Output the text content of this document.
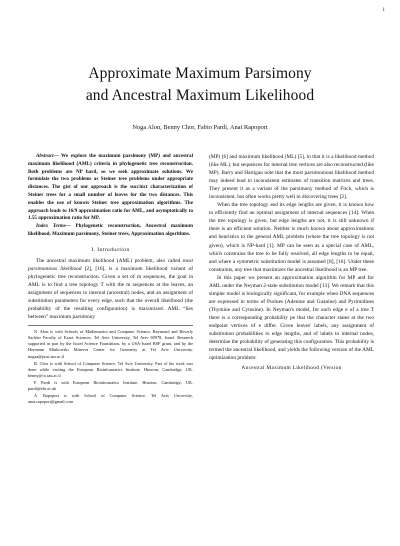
1
Approximate Maximum Parsimony
and Ancestral Maximum Likelihood
Noga Alon, Benny Chor, Fabio Pardi, Anat Rapoport

Abstract— We explore the maximum parsimony (MP) and ancestral maximum likelihood (AML) criteria in phylogenetic tree reconstruction. Both problems are NP hard, so we seek approximate solutions. We formulate the two problems as Steiner tree problems under appropriate distances. The gist of our approach is the succinct characterization of Steiner trees for a small number of leaves for the two distances. This enables the use of known Steiner tree approximation algorithms. The approach leads to 16/9 approximation ratio for AML, and asymptotically to 1.55 approximation ratio for MP.

Index Terms— Phylogenetic reconstruction, Ancestral maximum likelihood, Maximum parsimony, Steiner trees, Approximation algorithms.

I. Introduction

The ancestral maximum likelihood (AML) problem, also called most parsimonious likelihood [2], [16], is a maximum likelihood variant of phylogenetic tree reconstruction. Given a set of m sequences, the goal in AML is to find a tree topology T with the m sequences at the leaves, an assignment of sequences to internal (ancestral) nodes, and an assignment of substitution parameters for every edge, such that the overall likelihood (the probability of the resulting configuration) is maximized. AML “lies between” maximum parsimony

N. Alon is with Schools of Mathematics and Computer Science, Raymond and Beverly Sackler Faculty of Exact Sciences, Tel Aviv University, Tel Aviv 69978, Israel. Research supported in part by the Israel Science Foundation, by a USA-Israel BSF grant, and by the Hermann Minkowski Minerva Center for Geometry at Tel Aviv University. nogaa@post.tau.ac.il

B. Chor is with School of Computer Science, Tel Aviv University. Part of his work was done while visiting the European Bioinformatics Institute, Hinxton, Cambridge, UK. benny@cs.tau.ac.il

F. Pardi is with European Bioinformatics Institute, Hinxton, Cambridge, UK. pardi@ebi.ac.uk

A. Rapoport is with School of Computer Science, Tel Aviv University, anat.rapoport@gmail.com

(MP) [6] and maximum likelihood (ML) [5], in that it is a likelihood method (like ML), but sequences for internal tree vertices are also reconstructed (like MP). Barry and Hartigan note that the most parsimonious likelihood method may indeed lead to inconsistent estimates of transition matrices and trees. They present it as a variant of the parsimony method of Fitch, which is inconsistent, but often works pretty well in discovering trees [2].

When the tree topology and its edge lengths are given, it is known how to efficiently find an optimal assignment of internal sequences [14]. When the tree topology is given, but edge lengths are not, it is still unknown if there is an efficient solution. Neither is much known about approximations and heuristics to the general AML problem (where the tree topology is not given), which is NP-hard [1]. MP can be seen as a special case of AML, which constrains the tree to be fully resolved, all edge lengths to be equal, and where a symmetric substitution model is assumed [8], [16]. Under these constraints, any tree that maximizes the ancestral likelihood is an MP tree.

In this paper we present an approximation algorithm for MP and for AML under the Neyman 2-state substitution model [13]. We remark that this simpler model is biologically significant, for example when DNA sequences are expressed in terms of Purines (Adenine and Guanine) and Pyrimidines (Thymine and Cytosine). In Neyman's model, for each edge e of a tree T there is a corresponding probability pe that the character states at the two endpoint vertices of e differ. Given leaves' labels, any assignment of substitution probabilities to edge lengths, and of labels to internal nodes, determine the probability of generating this configuration. This probability is termed the ancestral likelihood, and yields the following version of the AML optimization problem:

Ancestral Maximum Likelihood (Version
